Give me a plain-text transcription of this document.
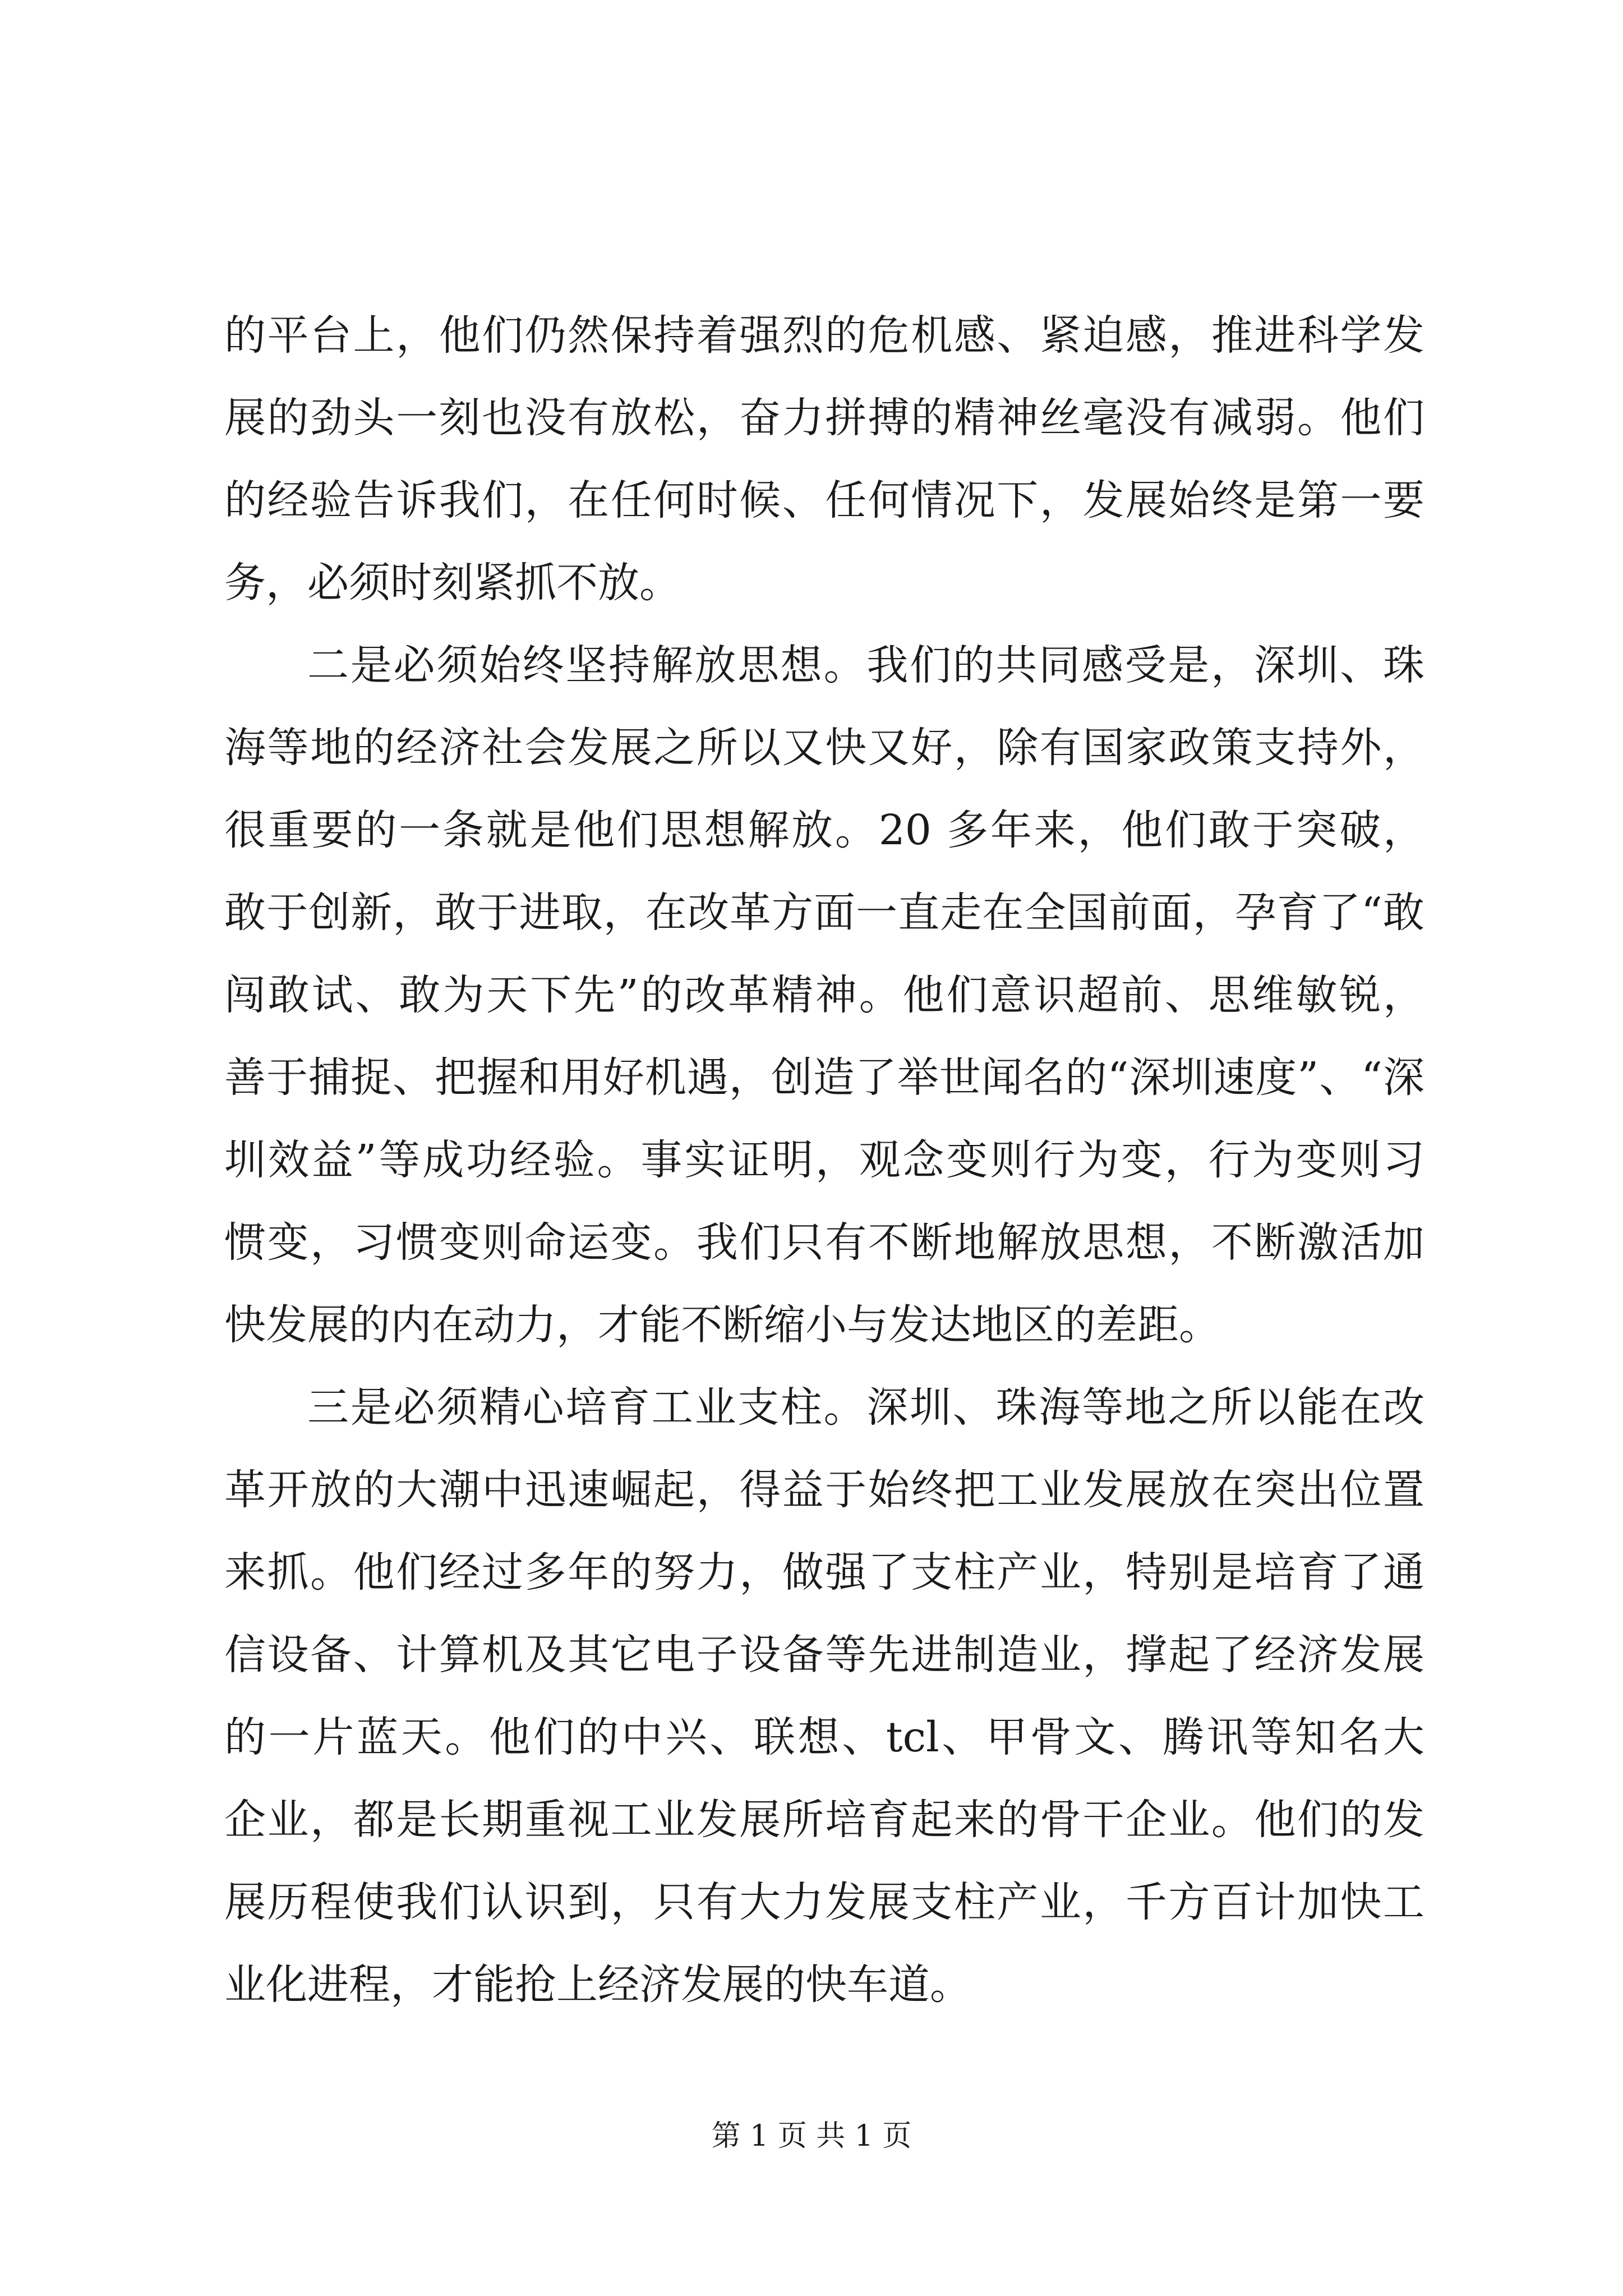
的平台上，他们仍然保持着强烈的危机感、紧迫感，推进科学发
展的劲头一刻也没有放松，奋力拼搏的精神丝毫没有减弱。他们
的经验告诉我们，在任何时候、任何情况下，发展始终是第一要
务，必须时刻紧抓不放。
二是必须始终坚持解放思想。我们的共同感受是，深圳、珠
海等地的经济社会发展之所以又快又好，除有国家政策支持外，
很重要的一条就是他们思想解放。20 多年来，他们敢于突破，
敢于创新，敢于进取，在改革方面一直走在全国前面，孕育了“敢
闯敢试、敢为天下先”的改革精神。他们意识超前、思维敏锐，
善于捕捉、把握和用好机遇，创造了举世闻名的“深圳速度”、“深
圳效益”等成功经验。事实证明，观念变则行为变，行为变则习
惯变，习惯变则命运变。我们只有不断地解放思想，不断激活加
快发展的内在动力，才能不断缩小与发达地区的差距。
三是必须精心培育工业支柱。深圳、珠海等地之所以能在改
革开放的大潮中迅速崛起，得益于始终把工业发展放在突出位置
来抓。他们经过多年的努力，做强了支柱产业，特别是培育了通
信设备、计算机及其它电子设备等先进制造业，撑起了经济发展
的一片蓝天。他们的中兴、联想、tcl、甲骨文、腾讯等知名大
企业，都是长期重视工业发展所培育起来的骨干企业。他们的发
展历程使我们认识到，只有大力发展支柱产业，千方百计加快工
业化进程，才能抢上经济发展的快车道。
第 1 页 共 1 页
